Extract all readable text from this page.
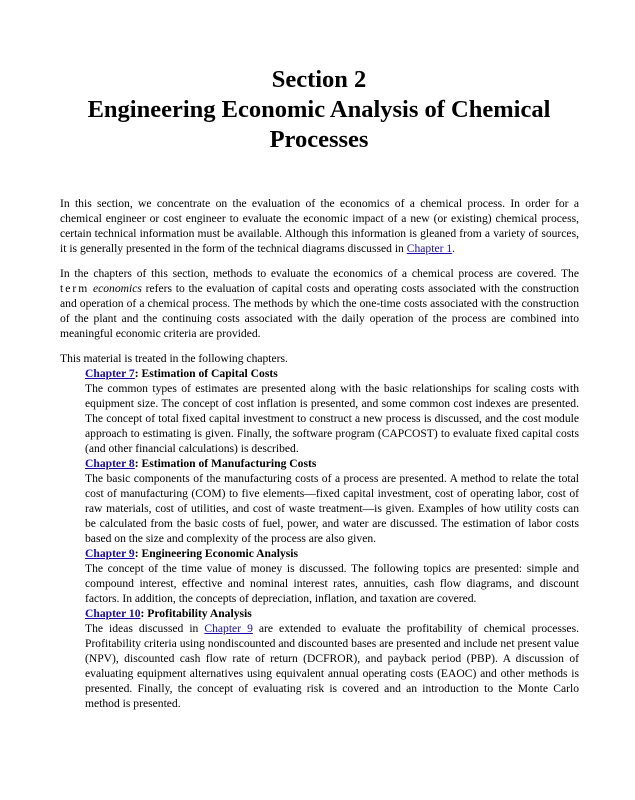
Section 2
Engineering Economic Analysis of Chemical
Processes

In this section, we concentrate on the evaluation of the economics of a chemical process. In order for a chemical engineer or cost engineer to evaluate the economic impact of a new (or existing) chemical process, certain technical information must be available. Although this information is gleaned from a variety of sources, it is generally presented in the form of the technical diagrams discussed in Chapter 1.

In the chapters of this section, methods to evaluate the economics of a chemical process are covered. The term economics refers to the evaluation of capital costs and operating costs associated with the construction and operation of a chemical process. The methods by which the one-time costs associated with the construction of the plant and the continuing costs associated with the daily operation of the process are combined into meaningful economic criteria are provided.

This material is treated in the following chapters.

Chapter 7: Estimation of Capital Costs

The common types of estimates are presented along with the basic relationships for scaling costs with equipment size. The concept of cost inflation is presented, and some common cost indexes are presented. The concept of total fixed capital investment to construct a new process is discussed, and the cost module approach to estimating is given. Finally, the software program (CAPCOST) to evaluate fixed capital costs (and other financial calculations) is described.

Chapter 8: Estimation of Manufacturing Costs

The basic components of the manufacturing costs of a process are presented. A method to relate the total cost of manufacturing (COM) to five elements—fixed capital investment, cost of operating labor, cost of raw materials, cost of utilities, and cost of waste treatment—is given. Examples of how utility costs can be calculated from the basic costs of fuel, power, and water are discussed. The estimation of labor costs based on the size and complexity of the process are also given.

Chapter 9: Engineering Economic Analysis

The concept of the time value of money is discussed. The following topics are presented: simple and compound interest, effective and nominal interest rates, annuities, cash flow diagrams, and discount factors. In addition, the concepts of depreciation, inflation, and taxation are covered.

Chapter 10: Profitability Analysis

The ideas discussed in Chapter 9 are extended to evaluate the profitability of chemical processes. Profitability criteria using nondiscounted and discounted bases are presented and include net present value (NPV), discounted cash flow rate of return (DCFROR), and payback period (PBP). A discussion of evaluating equipment alternatives using equivalent annual operating costs (EAOC) and other methods is presented. Finally, the concept of evaluating risk is covered and an introduction to the Monte Carlo method is presented.
